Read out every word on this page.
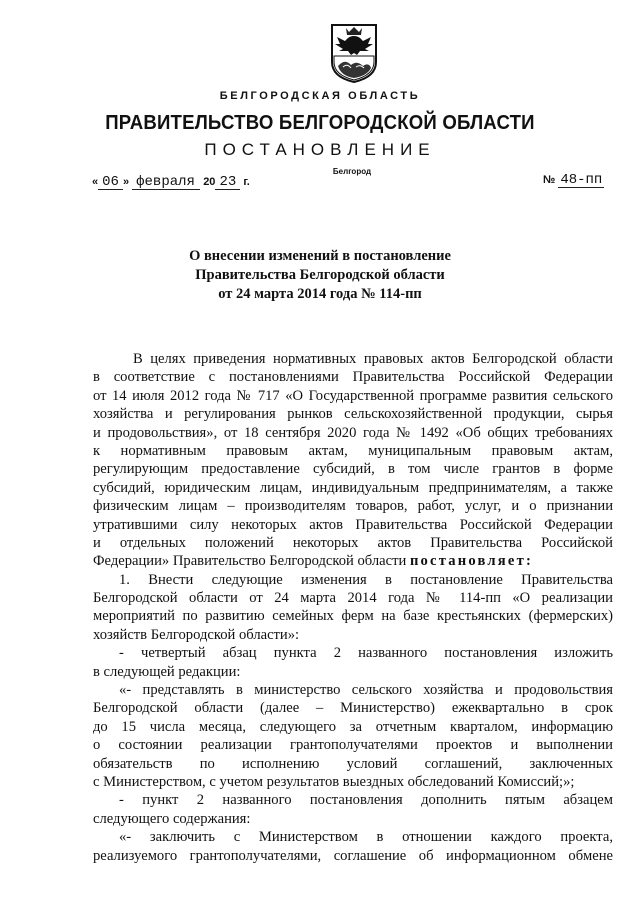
БЕЛГОРОДСКАЯ ОБЛАСТЬ
ПРАВИТЕЛЬСТВО БЕЛГОРОДСКОЙ ОБЛАСТИ
ПОСТАНОВЛЕНИЕ
Белгород
« 06 » февраля 20 23 г.	№ 48-пп
О внесении изменений в постановление
Правительства Белгородской области
от 24 марта 2014 года № 114-пп
В целях приведения нормативных правовых актов Белгородской области
в соответствие с постановлениями Правительства Российской Федерации
от 14 июля 2012 года № 717 «О Государственной программе развития сельского
хозяйства и регулирования рынков сельскохозяйственной продукции, сырья
и продовольствия», от 18 сентября 2020 года № 1492 «Об общих требованиях
к нормативным правовым актам, муниципальным правовым актам,
регулирующим предоставление субсидий, в том числе грантов в форме
субсидий, юридическим лицам, индивидуальным предпринимателям, а также
физическим лицам – производителям товаров, работ, услуг, и о признании
утратившими силу некоторых актов Правительства Российской Федерации
и отдельных положений некоторых актов Правительства Российской
Федерации» Правительство Белгородской области постановляет:
1. Внести следующие изменения в постановление Правительства
Белгородской области от 24 марта 2014 года № 114-пп «О реализации
мероприятий по развитию семейных ферм на базе крестьянских (фермерских)
хозяйств Белгородской области»:
- четвертый абзац пункта 2 названного постановления изложить
в следующей редакции:
«- представлять в министерство сельского хозяйства и продовольствия
Белгородской области (далее – Министерство) ежеквартально в срок
до 15 числа месяца, следующего за отчетным кварталом, информацию
о состоянии реализации грантополучателями проектов и выполнении
обязательств по исполнению условий соглашений, заключенных
с Министерством, с учетом результатов выездных обследований Комиссий;»;
- пункт 2 названного постановления дополнить пятым абзацем
следующего содержания:
«- заключить с Министерством в отношении каждого проекта,
реализуемого грантополучателями, соглашение об информационном обмене
